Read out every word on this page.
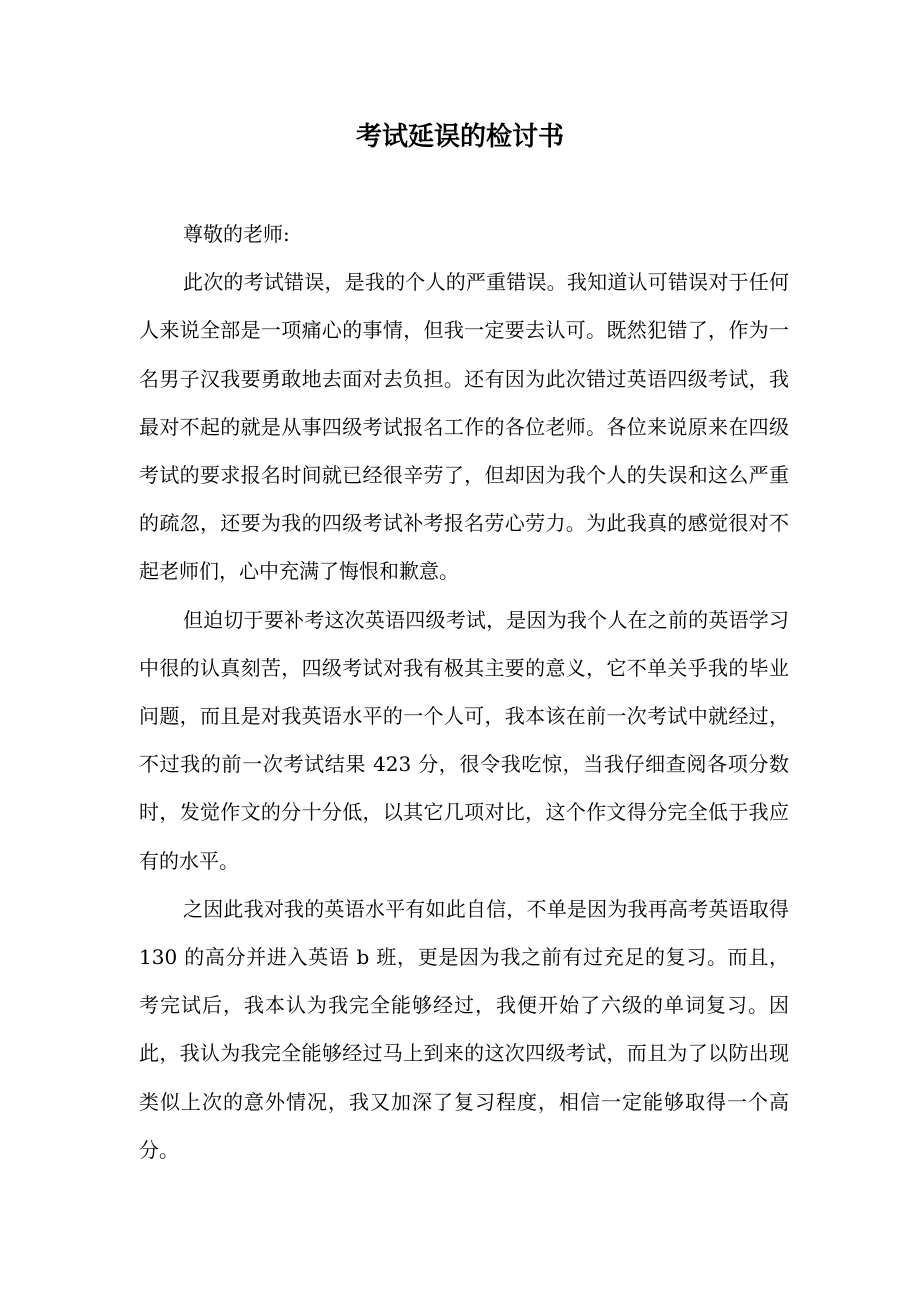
考试延误的检讨书

尊敬的老师:

此次的考试错误，是我的个人的严重错误。我知道认可错误对于任何人来说全部是一项痛心的事情，但我一定要去认可。既然犯错了，作为一名男子汉我要勇敢地去面对去负担。还有因为此次错过英语四级考试，我最对不起的就是从事四级考试报名工作的各位老师。各位来说原来在四级考试的要求报名时间就已经很辛劳了，但却因为我个人的失误和这么严重的疏忽，还要为我的四级考试补考报名劳心劳力。为此我真的感觉很对不起老师们，心中充满了悔恨和歉意。

但迫切于要补考这次英语四级考试，是因为我个人在之前的英语学习中很的认真刻苦，四级考试对我有极其主要的意义，它不单关乎我的毕业问题，而且是对我英语水平的一个人可，我本该在前一次考试中就经过，不过我的前一次考试结果 423 分，很令我吃惊，当我仔细查阅各项分数时，发觉作文的分十分低，以其它几项对比，这个作文得分完全低于我应有的水平。

之因此我对我的英语水平有如此自信，不单是因为我再高考英语取得 130 的高分并进入英语 b 班，更是因为我之前有过充足的复习。而且，考完试后，我本认为我完全能够经过，我便开始了六级的单词复习。因此，我认为我完全能够经过马上到来的这次四级考试，而且为了以防出现类似上次的意外情况，我又加深了复习程度，相信一定能够取得一个高分。
